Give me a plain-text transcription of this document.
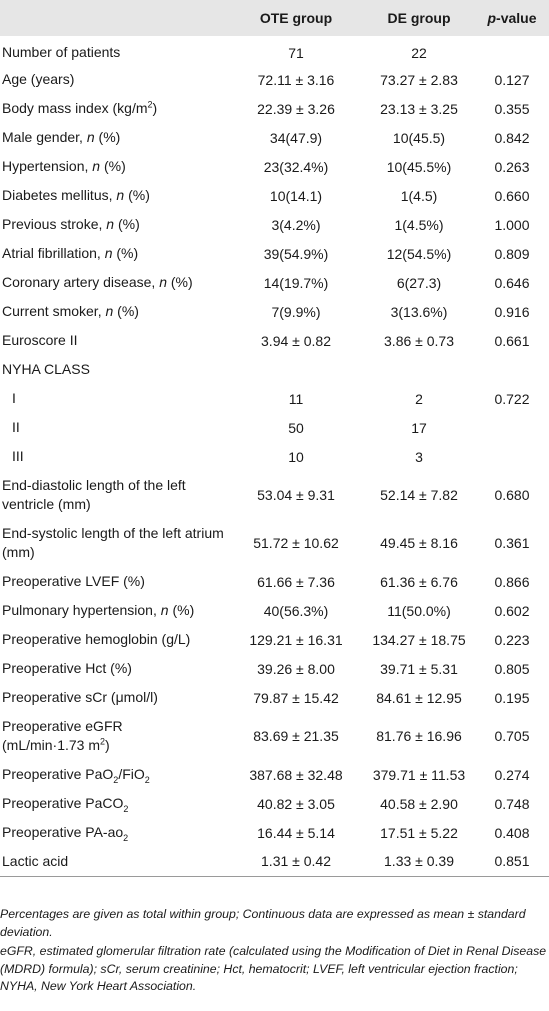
	OTE group	DE group	p-value
Number of patients	71	22	
Age (years)	72.11 ± 3.16	73.27 ± 2.83	0.127
Body mass index $(kg/m^2)$	22.39 ± 3.26	23.13 ± 3.25	0.355
Male gender, n (%)	34(47.9)	10(45.5)	0.842
Hypertension, n (%)	23(32.4%)	10(45.5%)	0.263
Diabetes mellitus, n (%)	10(14.1)	1(4.5)	0.660
Previous stroke, n (%)	3(4.2%)	1(4.5%)	1.000
Atrial fibrillation, n (%)	39(54.9%)	12(54.5%)	0.809
Coronary artery disease, n (%)	14(19.7%)	6(27.3)	0.646
Current smoker, n (%)	7(9.9%)	3(13.6%)	0.916
Euroscore II	3.94 ± 0.82	3.86 ± 0.73	0.661
NYHA CLASS			
I	11	2	0.722
II	50	17	
III	10	3	
End-diastolic length of the left ventricle (mm)	53.04 ± 9.31	52.14 ± 7.82	0.680
End-systolic length of the left atrium (mm)	51.72 ± 10.62	49.45 ± 8.16	0.361
Preoperative LVEF (%)	61.66 ± 7.36	61.36 ± 6.76	0.866
Pulmonary hypertension, n (%)	40(56.3%)	11(50.0%)	0.602
Preoperative hemoglobin (g/L)	129.21 ± 16.31	134.27 ± 18.75	0.223
Preoperative Hct (%)	39.26 ± 8.00	39.71 ± 5.31	0.805
Preoperative sCr (μmol/l)	79.87 ± 15.42	84.61 ± 12.95	0.195
Preoperative eGFR
(mL/min·1.73 $m^2$)	83.69 ± 21.35	81.76 ± 16.96	0.705
Preoperative PaO$_2$/FiO$_2$	387.68 ± 32.48	379.71 ± 11.53	0.274
Preoperative PaCO$_2$	40.82 ± 3.05	40.58 ± 2.90	0.748
Preoperative $PA-ao_2$	16.44 ± 5.14	17.51 ± 5.22	0.408
Lactic acid	1.31 ± 0.42	1.33 ± 0.39	0.851

Percentages are given as total within group; Continuous data are expressed as mean ± standard deviation.

eGFR, estimated glomerular filtration rate (calculated using the Modification of Diet in Renal Disease (MDRD) formula); sCr, serum creatinine; Hct, hematocrit; LVEF, left ventricular ejection fraction; NYHA, New York Heart Association.
